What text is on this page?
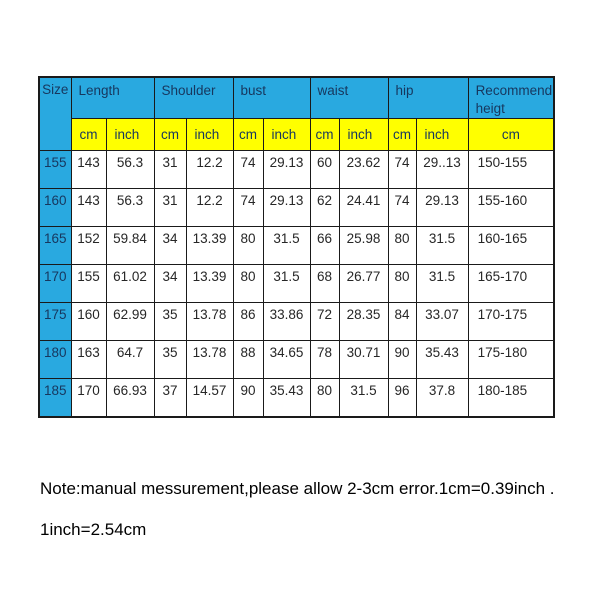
Size	Length		Shoulder		bust		waist		hip		Recommend heigt
	cm	inch	cm	inch	cm	inch	cm	inch	cm	inch	cm
155	143	56.3	31	12.2	74	29.13	60	23.62	74	29..13	150-155
160	143	56.3	31	12.2	74	29.13	62	24.41	74	29.13	155-160
165	152	59.84	34	13.39	80	31.5	66	25.98	80	31.5	160-165
170	155	61.02	34	13.39	80	31.5	68	26.77	80	31.5	165-170
175	160	62.99	35	13.78	86	33.86	72	28.35	84	33.07	170-175
180	163	64.7	35	13.78	88	34.65	78	30.71	90	35.43	175-180
185	170	66.93	37	14.57	90	35.43	80	31.5	96	37.8	180-185

Note:manual messurement,please allow 2-3cm error.1cm=0.39inch .

1inch=2.54cm
